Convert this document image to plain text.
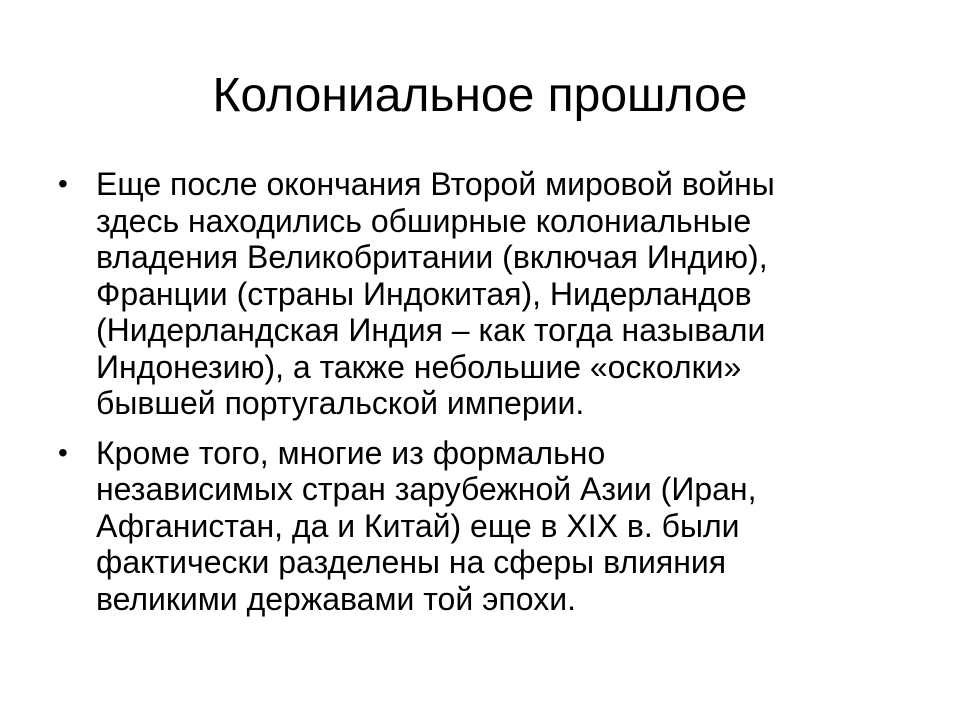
Колониальное прошлое
• Еще после окончания Второй мировой войны
здесь находились обширные колониальные
владения Великобритании (включая Индию),
Франции (страны Индокитая), Нидерландов
(Нидерландская Индия – как тогда называли
Индонезию), а также небольшие «осколки»
бывшей португальской империи.
• Кроме того, многие из формально
независимых стран зарубежной Азии (Иран,
Афганистан, да и Китай) еще в XIX в. были
фактически разделены на сферы влияния
великими державами той эпохи.
